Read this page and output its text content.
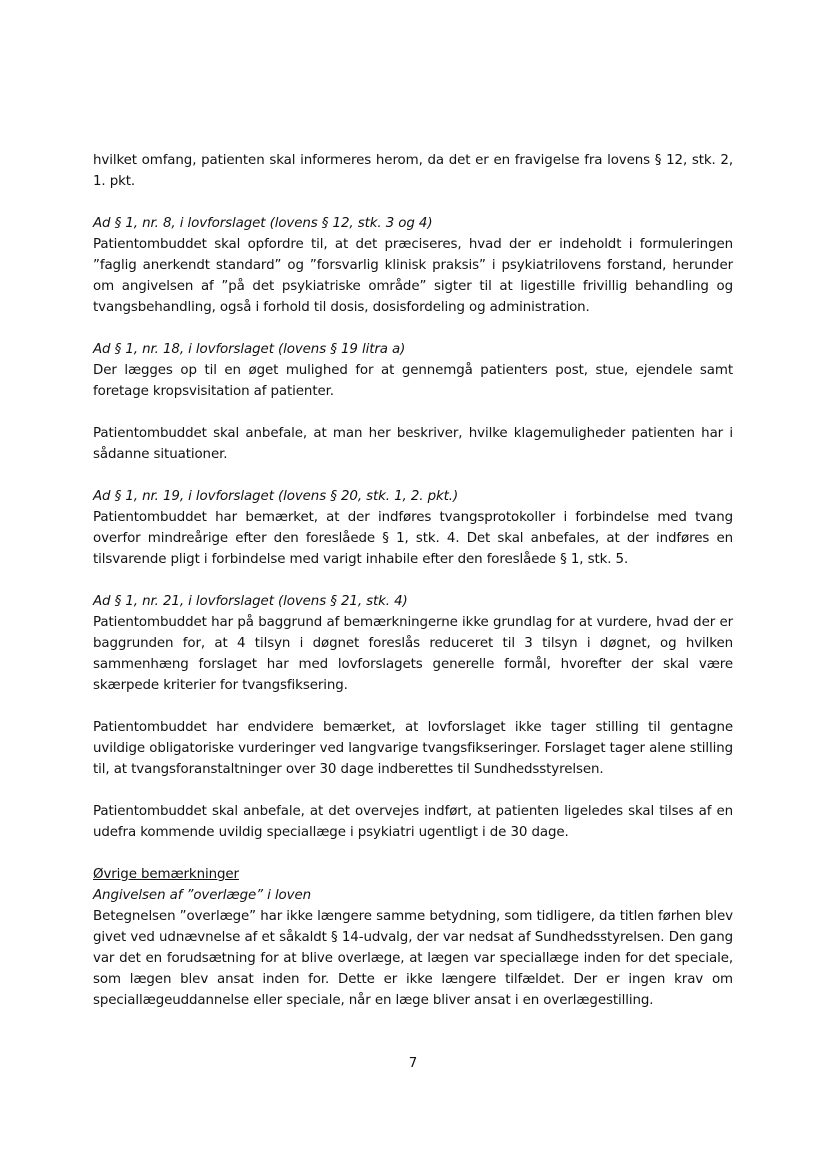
hvilket omfang, patienten skal informeres herom, da det er en fravigelse fra lovens § 12, stk. 2, 1. pkt.

Ad § 1, nr. 8, i lovforslaget (lovens § 12, stk. 3 og 4)

Patientombuddet skal opfordre til, at det præciseres, hvad der er indeholdt i formuleringen ”faglig anerkendt standard” og ”forsvarlig klinisk praksis” i psykiatrilovens forstand, herunder om angivelsen af ”på det psykiatriske område” sigter til at ligestille frivillig behandling og tvangsbehandling, også i forhold til dosis, dosisfordeling og administration.

Ad § 1, nr. 18, i lovforslaget (lovens § 19 litra a)

Der lægges op til en øget mulighed for at gennemgå patienters post, stue, ejendele samt foretage kropsvisitation af patienter.

Patientombuddet skal anbefale, at man her beskriver, hvilke klagemuligheder patienten har i sådanne situationer.

Ad § 1, nr. 19, i lovforslaget (lovens § 20, stk. 1, 2. pkt.)

Patientombuddet har bemærket, at der indføres tvangsprotokoller i forbindelse med tvang overfor mindreårige efter den foreslåede § 1, stk. 4. Det skal anbefales, at der indføres en tilsvarende pligt i forbindelse med varigt inhabile efter den foreslåede § 1, stk. 5.

Ad § 1, nr. 21, i lovforslaget (lovens § 21, stk. 4)

Patientombuddet har på baggrund af bemærkningerne ikke grundlag for at vurdere, hvad der er baggrunden for, at 4 tilsyn i døgnet foreslås reduceret til 3 tilsyn i døgnet, og hvilken sammenhæng forslaget har med lovforslagets generelle formål, hvorefter der skal være skærpede kriterier for tvangsfiksering.

Patientombuddet har endvidere bemærket, at lovforslaget ikke tager stilling til gentagne uvildige obligatoriske vurderinger ved langvarige tvangsfikseringer. Forslaget tager alene stilling til, at tvangsforanstaltninger over 30 dage indberettes til Sundhedsstyrelsen.

Patientombuddet skal anbefale, at det overvejes indført, at patienten ligeledes skal tilses af en udefra kommende uvildig speciallæge i psykiatri ugentligt i de 30 dage.

Øvrige bemærkninger
Angivelsen af ”overlæge” i loven

Betegnelsen ”overlæge” har ikke længere samme betydning, som tidligere, da titlen førhen blev givet ved udnævnelse af et såkaldt § 14-udvalg, der var nedsat af Sundhedsstyrelsen. Den gang var det en forudsætning for at blive overlæge, at lægen var speciallæge inden for det speciale, som lægen blev ansat inden for. Dette er ikke længere tilfældet. Der er ingen krav om speciallægeuddannelse eller speciale, når en læge bliver ansat i en overlægestilling.

7
